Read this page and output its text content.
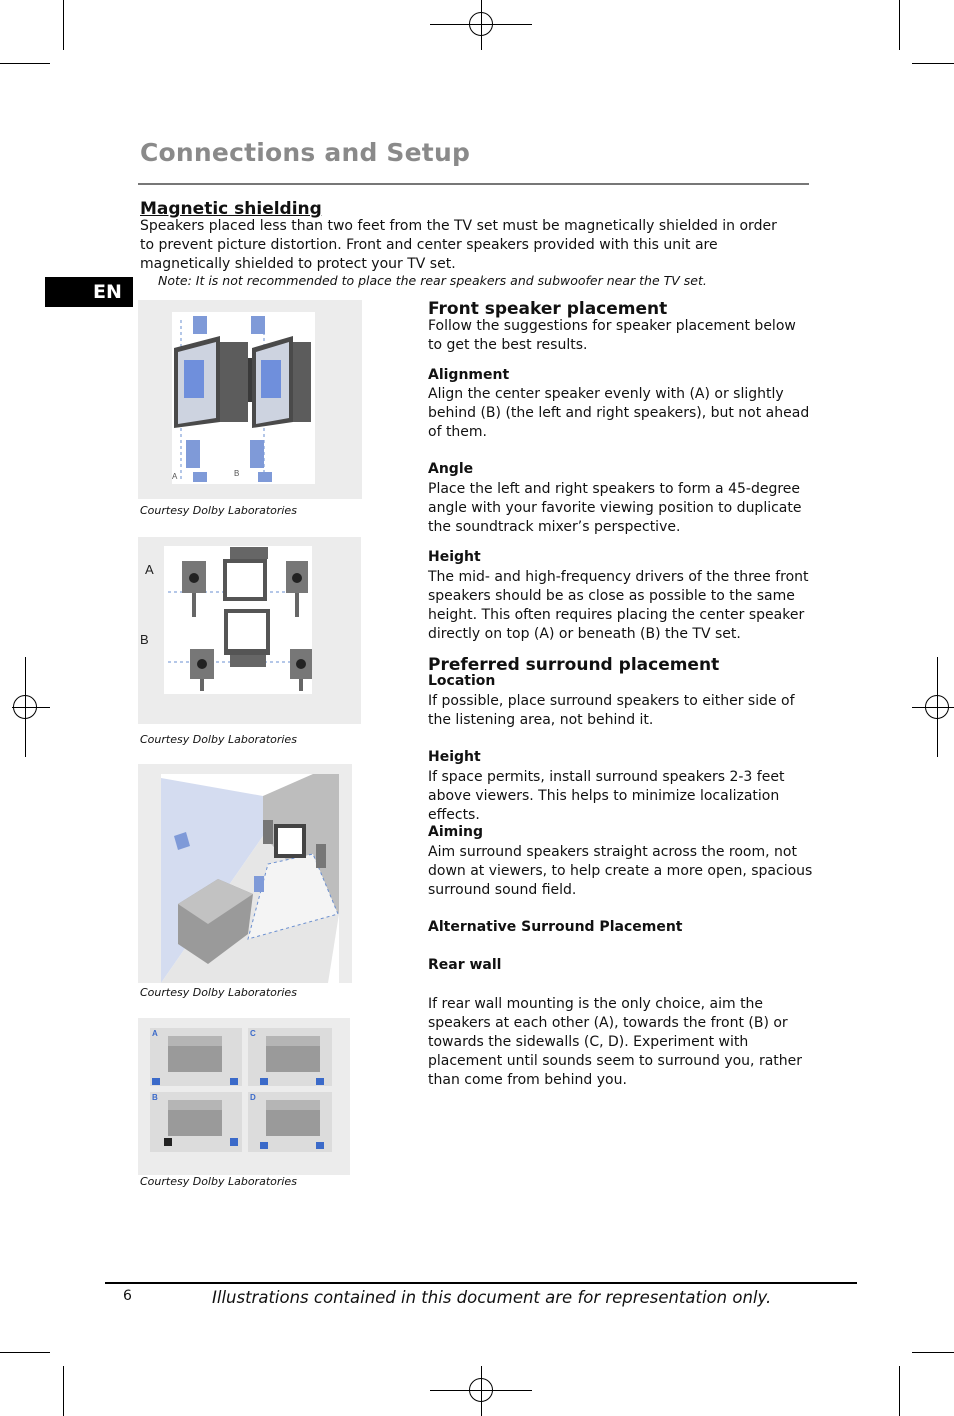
Connections and Setup
Magnetic shielding
Speakers placed less than two feet from the TV set must be magnetically shielded in order to prevent picture distortion. Front and center speakers provided with this unit are magnetically shielded to protect your TV set.
Note: It is not recommended to place the rear speakers and subwoofer near the TV set.
EN
A	B
Courtesy Dolby Laboratories
A
B
Courtesy Dolby Laboratories
Courtesy Dolby Laboratories
A	C
B	D
Courtesy Dolby Laboratories
Front speaker placement
Follow the suggestions for speaker placement below to get the best results.
Alignment
Align the center speaker evenly with (A) or slightly behind (B) (the left and right speakers), but not ahead of them.
Angle
Place the left and right speakers to form a 45-degree angle with your favorite viewing position to duplicate the soundtrack mixer’s perspective.
Height
The mid- and high-frequency drivers of the three front speakers should be as close as possible to the same height. This often requires placing the center speaker directly on top (A) or beneath (B) the TV set.
Preferred surround placement
Location
If possible, place surround speakers to either side of the listening area, not behind it.
Height
If space permits, install surround speakers 2-3 feet above viewers. This helps to minimize localization effects.
Aiming
Aim surround speakers straight across the room, not down at viewers, to help create a more open, spacious surround sound field.
Alternative Surround Placement
Rear wall
If rear wall mounting is the only choice, aim the speakers at each other (A), towards the front (B) or towards the sidewalls (C, D). Experiment with placement until sounds seem to surround you, rather than come from behind you.
6	Illustrations contained in this document are for representation only.
